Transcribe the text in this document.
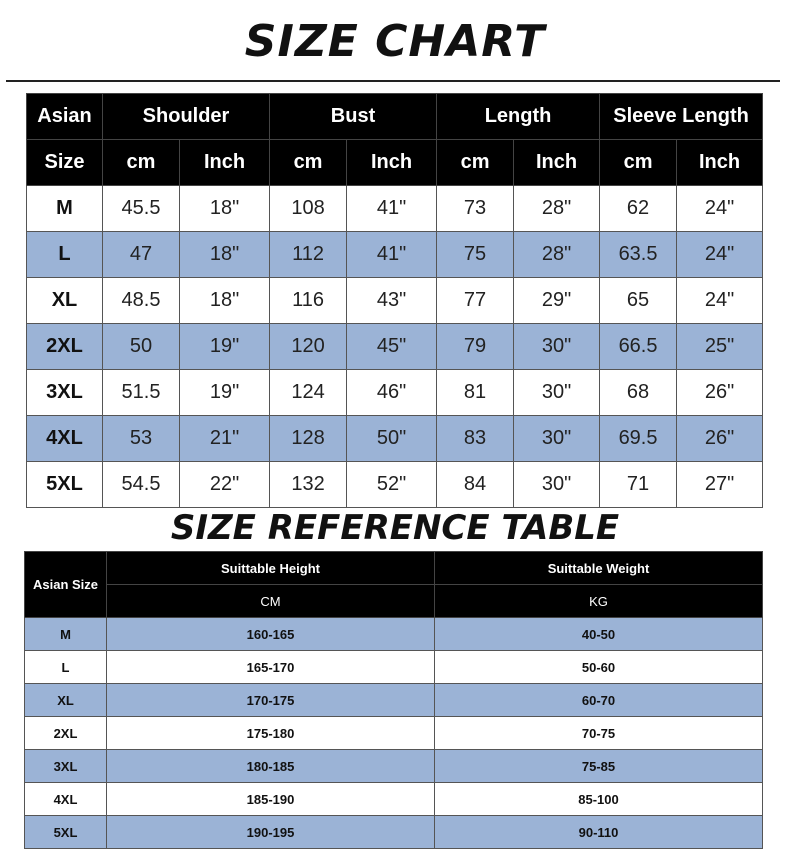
SIZE CHART
Asian	Shoulder		Bust		Length		Sleeve Length	
Size	cm	Inch	cm	Inch	cm	Inch	cm	Inch
M	45.5	18"	108	41"	73	28"	62	24"
L	47	18"	112	41"	75	28"	63.5	24"
XL	48.5	18"	116	43"	77	29"	65	24"
2XL	50	19"	120	45"	79	30"	66.5	25"
3XL	51.5	19"	124	46"	81	30"	68	26"
4XL	53	21"	128	50"	83	30"	69.5	26"
5XL	54.5	22"	132	52"	84	30"	71	27"
SIZE REFERENCE TABLE
Asian Size	Suittable Height	Suittable Weight
	CM	KG
M	160-165	40-50
L	165-170	50-60
XL	170-175	60-70
2XL	175-180	70-75
3XL	180-185	75-85
4XL	185-190	85-100
5XL	190-195	90-110
